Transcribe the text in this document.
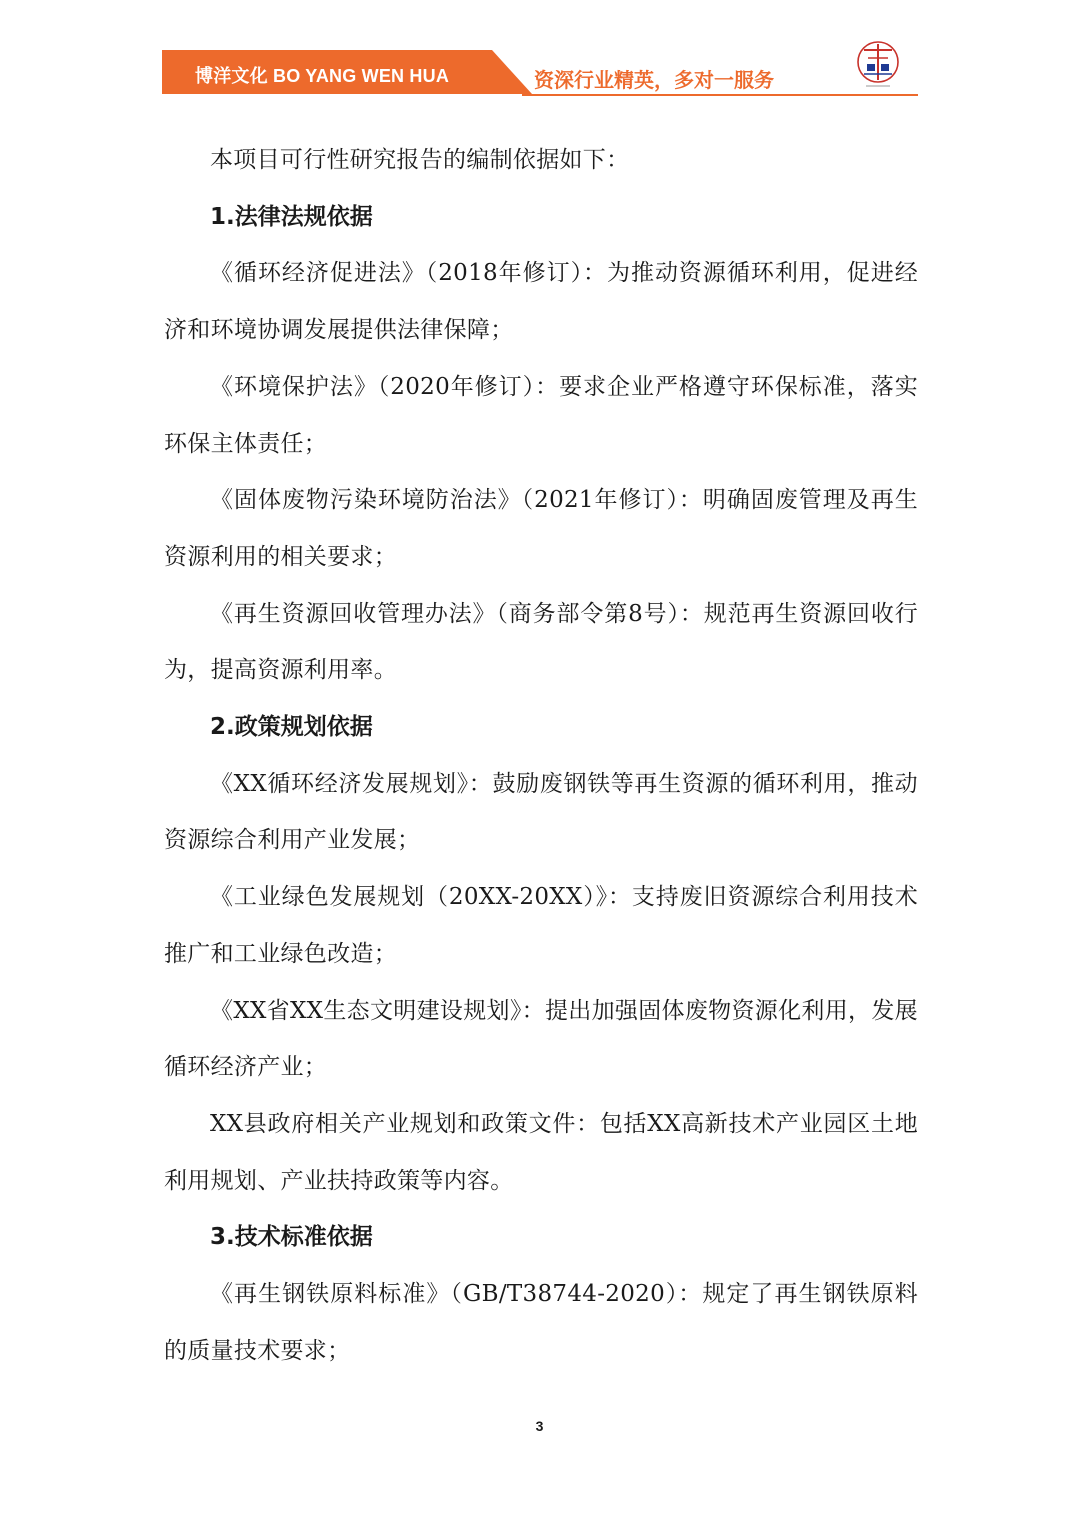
博洋文化 BO YANG WEN HUA	资深行业精英，多对一服务

本项目可行性研究报告的编制依据如下：

1.法律法规依据

《循环经济促进法》（2018年修订）：为推动资源循环利用，促进经济和环境协调发展提供法律保障；

《环境保护法》（2020年修订）：要求企业严格遵守环保标准，落实环保主体责任；

《固体废物污染环境防治法》（2021年修订）：明确固废管理及再生资源利用的相关要求；

《再生资源回收管理办法》（商务部令第8号）：规范再生资源回收行为，提高资源利用率。

2.政策规划依据

《XX循环经济发展规划》：鼓励废钢铁等再生资源的循环利用，推动资源综合利用产业发展；

《工业绿色发展规划（20XX-20XX）》：支持废旧资源综合利用技术推广和工业绿色改造；

《XX省XX生态文明建设规划》：提出加强固体废物资源化利用，发展循环经济产业；

XX县政府相关产业规划和政策文件：包括XX高新技术产业园区土地利用规划、产业扶持政策等内容。

3.技术标准依据

《再生钢铁原料标准》（GB/T38744-2020）：规定了再生钢铁原料的质量技术要求；

3
